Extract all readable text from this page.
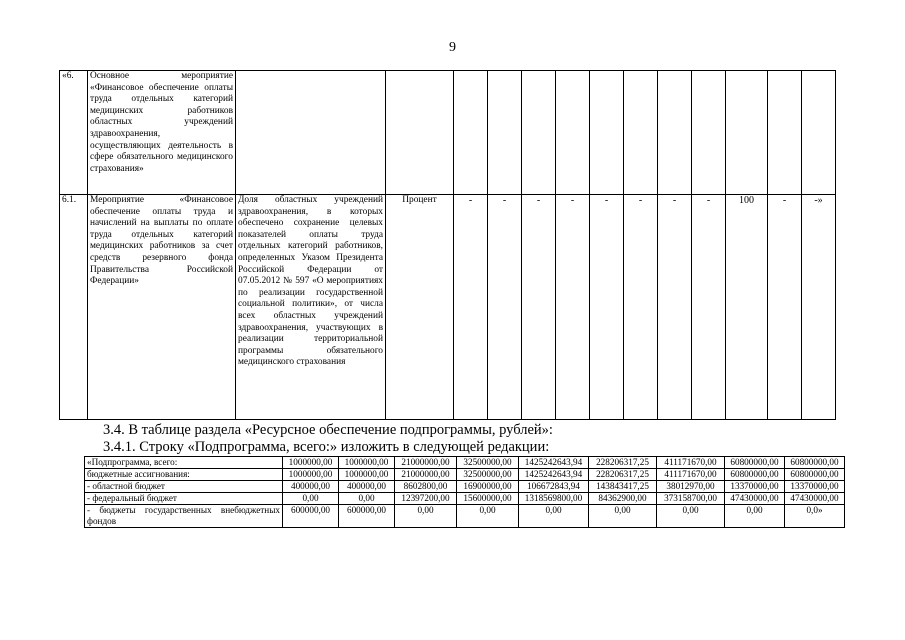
9
«6.	Основное мероприятие «Финансовое обеспечение оплаты труда отдельных категорий медицинских работников областных учреждений здравоохранения, осуществляющих деятельность в сфере обязательного медицинского страхования»													
6.1.	Мероприятие «Финансовое обеспечение оплаты труда и начислений на выплаты по оплате труда отдельных категорий медицинских работников за счет средств резервного фонда Правительства Российской Федерации»	Доля областных учреждений здравоохранения, в которых обеспечено сохранение целевых показателей оплаты труда отдельных категорий работников, определенных Указом Президента Российской Федерации от 07.05.2012 № 597 «О мероприятиях по реализации государственной социальной политики», от числа всех областных учреждений здравоохранения, участвующих в реализации территориальной программы обязательного медицинского страхования	Процент	-	-	-	-	-	-	-	-	100	-	-»
3.4. В таблице раздела «Ресурсное обеспечение подпрограммы, рублей»:
3.4.1. Строку «Подпрограмма, всего:» изложить в следующей редакции:
«Подпрограмма, всего:	1000000,00	1000000,00	21000000,00	32500000,00	1425242643,94	228206317,25	411171670,00	60800000,00	60800000,00
бюджетные ассигнования:	1000000,00	1000000,00	21000000,00	32500000,00	1425242643,94	228206317,25	411171670,00	60800000,00	60800000,00
- областной бюджет	400000,00	400000,00	8602800,00	16900000,00	106672843,94	143843417,25	38012970,00	13370000,00	13370000,00
- федеральный бюджет	0,00	0,00	12397200,00	15600000,00	1318569800,00	84362900,00	373158700,00	47430000,00	47430000,00
- бюджеты государственных внебюджетных фондов	600000,00	600000,00	0,00	0,00	0,00	0,00	0,00	0,00	0,0»
